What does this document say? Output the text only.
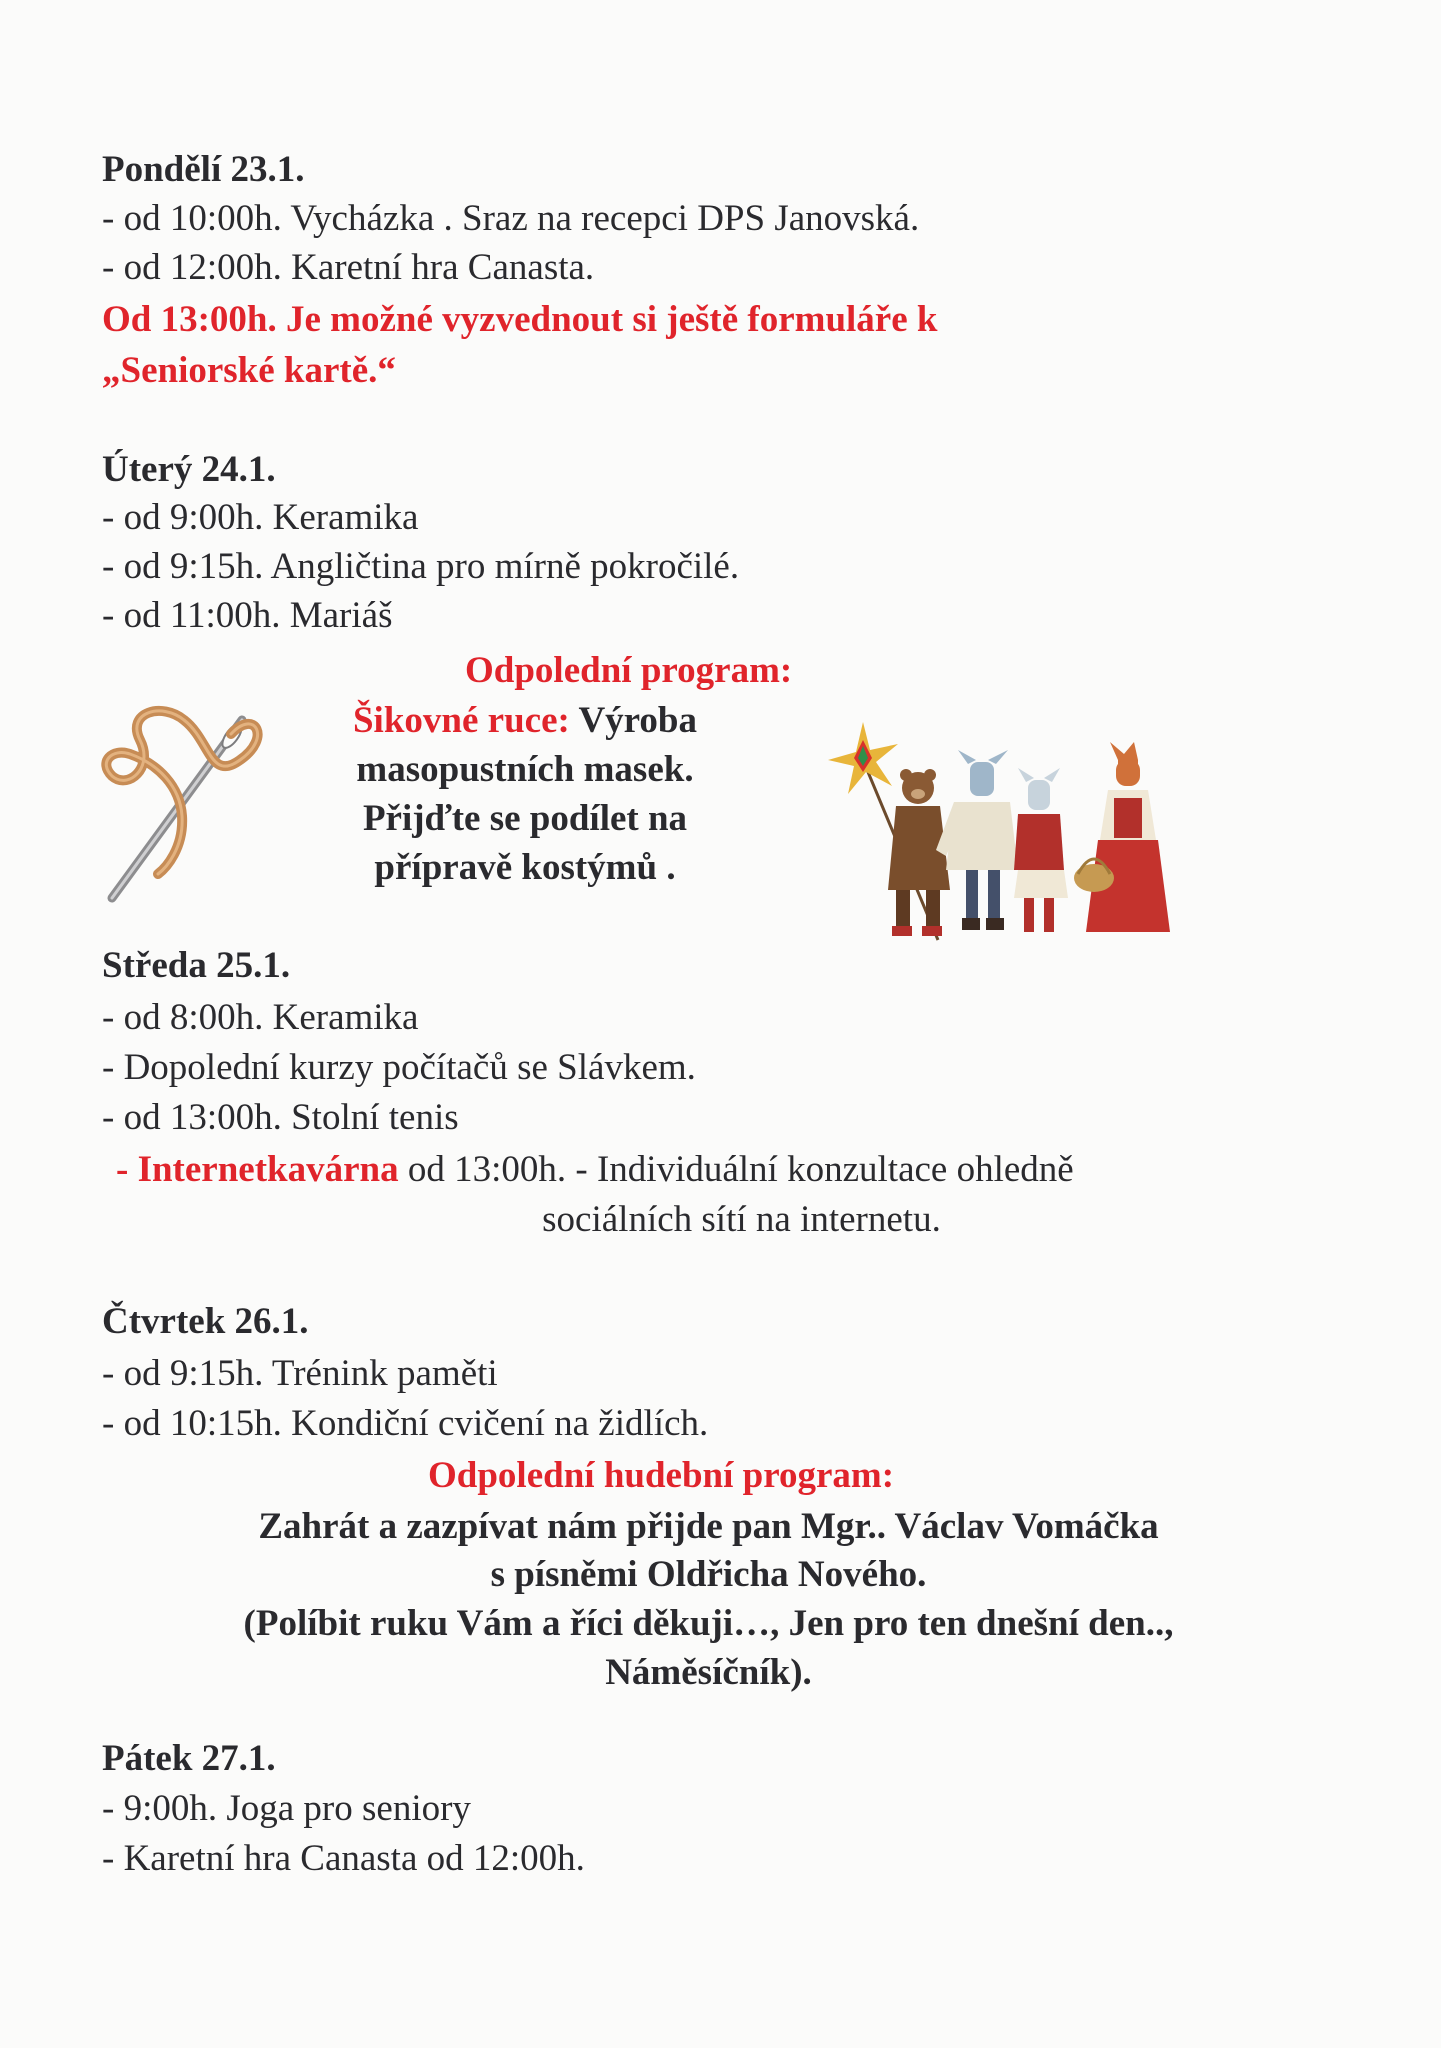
Pondělí 23.1.
- od 10:00h. Vycházka . Sraz na recepci DPS Janovská.
- od 12:00h. Karetní hra Canasta.
Od 13:00h. Je možné vyzvednout si ještě formuláře k
„Seniorské kartě.“
Úterý 24.1.
- od 9:00h. Keramika
- od 9:15h. Angličtina pro mírně pokročilé.
- od 11:00h. Mariáš
Odpolední program:
Šikovné ruce: Výroba
masopustních masek.
Přijďte se podílet na
přípravě kostýmů .
Středa 25.1.
- od 8:00h. Keramika
- Dopolední kurzy počítačů se Slávkem.
- od 13:00h. Stolní tenis
- Internetkavárna od 13:00h. - Individuální konzultace ohledně
sociálních sítí na internetu.
Čtvrtek 26.1.
- od 9:15h. Trénink paměti
- od 10:15h. Kondiční cvičení na židlích.
Odpolední hudební program:
Zahrát a zazpívat nám přijde pan Mgr.. Václav Vomáčka
s písněmi Oldřicha Nového.
(Políbit ruku Vám a říci děkuji…, Jen pro ten dnešní den..,
Náměsíčník).
Pátek 27.1.
- 9:00h. Joga pro seniory
- Karetní hra Canasta od 12:00h.
